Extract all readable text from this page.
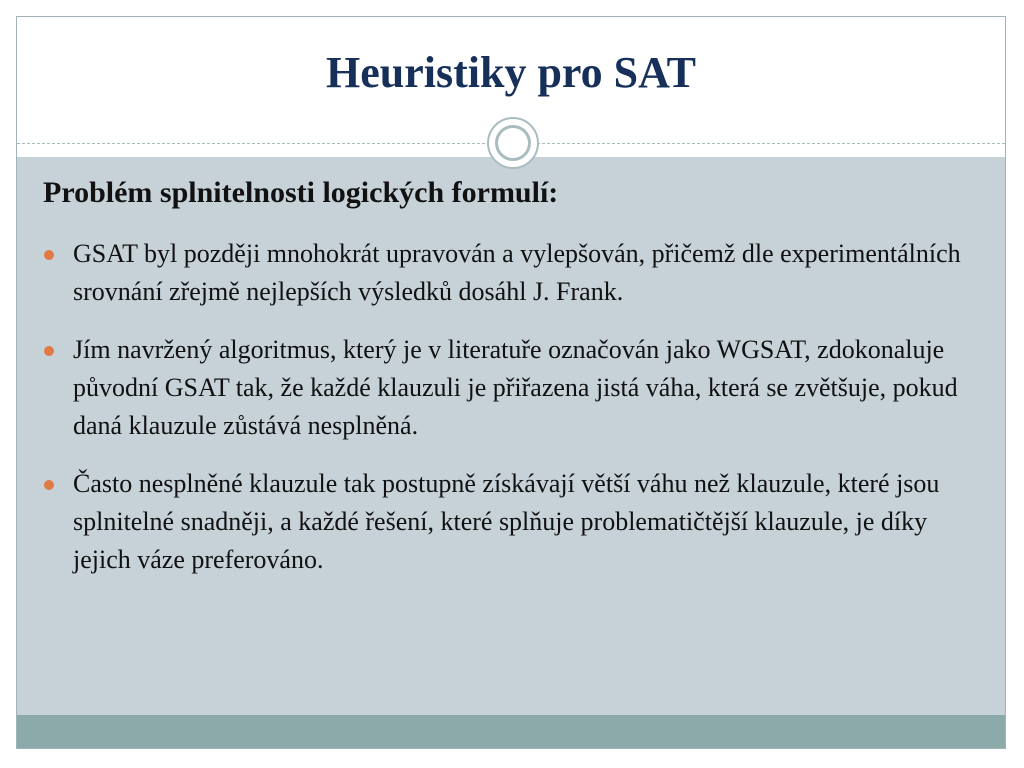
Heuristiky pro SAT
Problém splnitelnosti logických formulí:
GSAT byl později mnohokrát upravován a vylepšován, přičemž dle experimentálních srovnání zřejmě nejlepších výsledků dosáhl J. Frank.
Jím navržený algoritmus, který je v literatuře označován jako WGSAT, zdokonaluje původní GSAT tak, že každé klauzuli je přiřazena jistá váha, která se zvětšuje, pokud daná klauzule zůstává nesplněná.
Často nesplněné klauzule tak postupně získávají větší váhu než klauzule, které jsou splnitelné snadněji, a každé řešení, které splňuje problematičtější klauzule, je díky jejich váze preferováno.
